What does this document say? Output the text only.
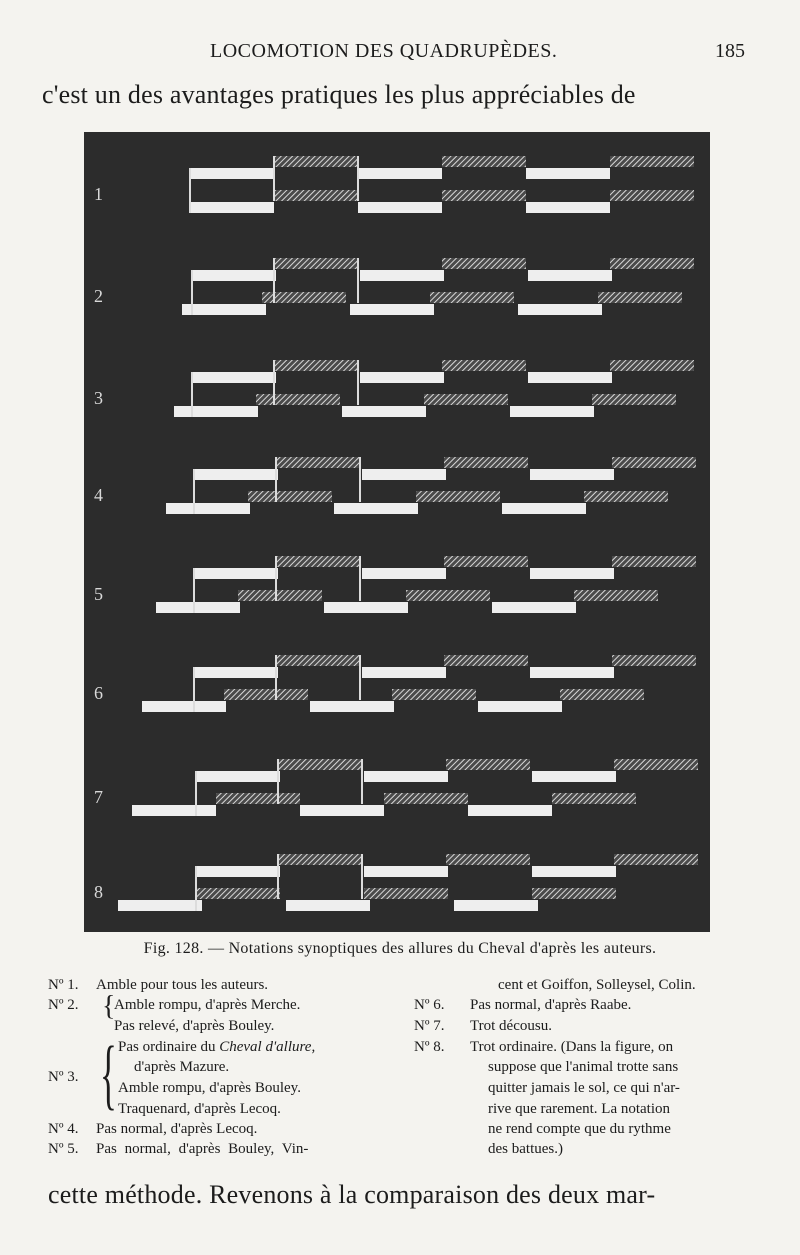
LOCOMOTION DES QUADRUPÈDES.	185
c'est un des avantages pratiques les plus appréciables de
1
2
3
4
5
6
7
8
Fig. 128. — Notations synoptiques des allures du Cheval d'après les auteurs.
Nº 1. Amble pour tous les auteurs.
Nº 2. {
Amble rompu, d'après Merche.
Pas relevé, d'après Bouley.
Pas ordinaire du Cheval d'allure,
d'après Mazure.
Nº 3. { Amble rompu, d'après Bouley.
Traquenard, d'après Lecoq.
Nº 4. Pas normal, d'après Lecoq.
Nº 5. Pas normal, d'après Bouley, Vin-
cent et Goiffon, Solleysel, Colin.
Nº 6. Pas normal, d'après Raabe.
Nº 7. Trot décousu.
Nº 8. Trot ordinaire. (Dans la figure, on
suppose que l'animal trotte sans
quitter jamais le sol, ce qui n'ar-
rive que rarement. La notation
ne rend compte que du rythme
des battues.)
cette méthode. Revenons à la comparaison des deux mar-
